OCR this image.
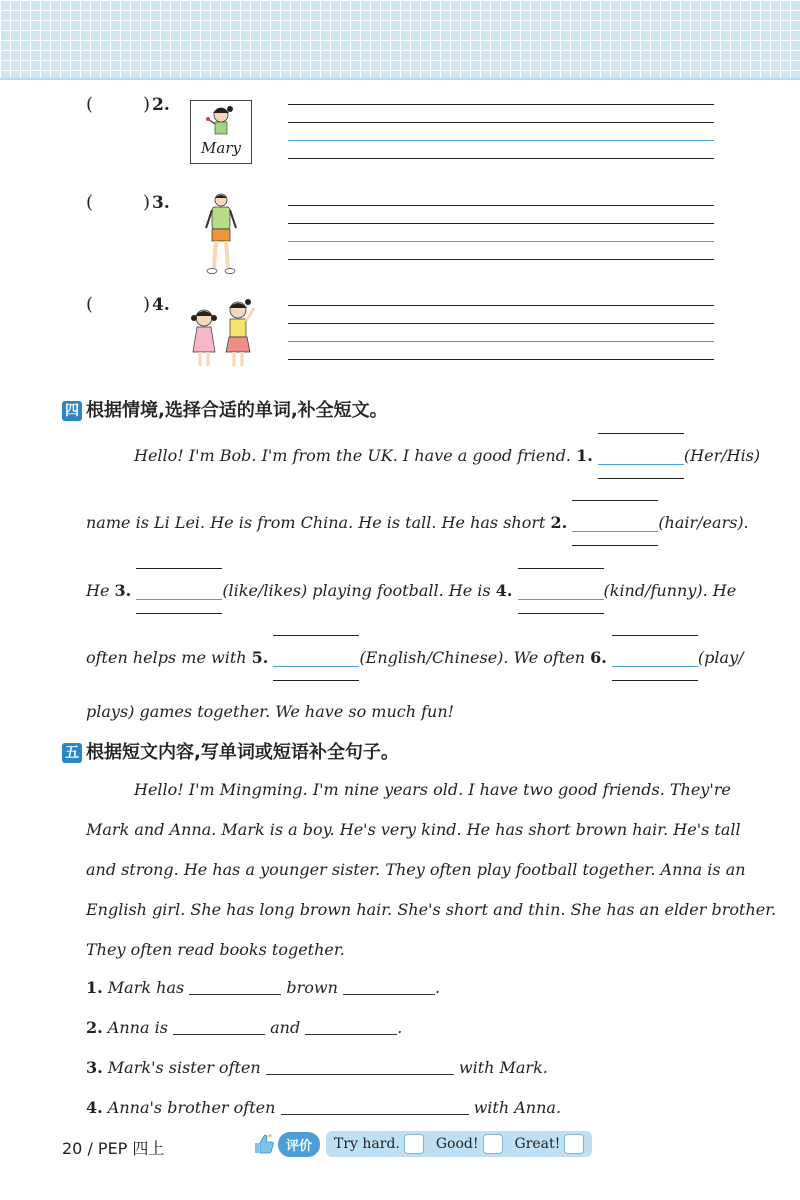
(	) 2.
Mary
(	) 3.
(	) 4.
四 根据情境,选择合适的单词,补全短文。
Hello! I'm Bob. I'm from the UK. I have a good friend. 1.	(Her/His)
name is Li Lei. He is from China. He is tall. He has short 2.	(hair/ears).
He 3.	(like/likes) playing football. He is 4.	(kind/funny). He
often helps me with 5.	(English/Chinese). We often 6.	(play/
plays) games together. We have so much fun!
五 根据短文内容,写单词或短语补全句子。
Hello! I'm Mingming. I'm nine years old. I have two good friends. They're
Mark and Anna. Mark is a boy. He's very kind. He has short brown hair. He's tall
and strong. He has a younger sister. They often play football together. Anna is an
English girl. She has long brown hair. She's short and thin. She has an elder brother.
They often read books together.
1. Mark has	brown	.
2. Anna is	and	.
3. Mark's sister often	with Mark.
4. Anna's brother often	with Anna.
20 / PEP 四上	评价	Try hard.	Good!	Great!
